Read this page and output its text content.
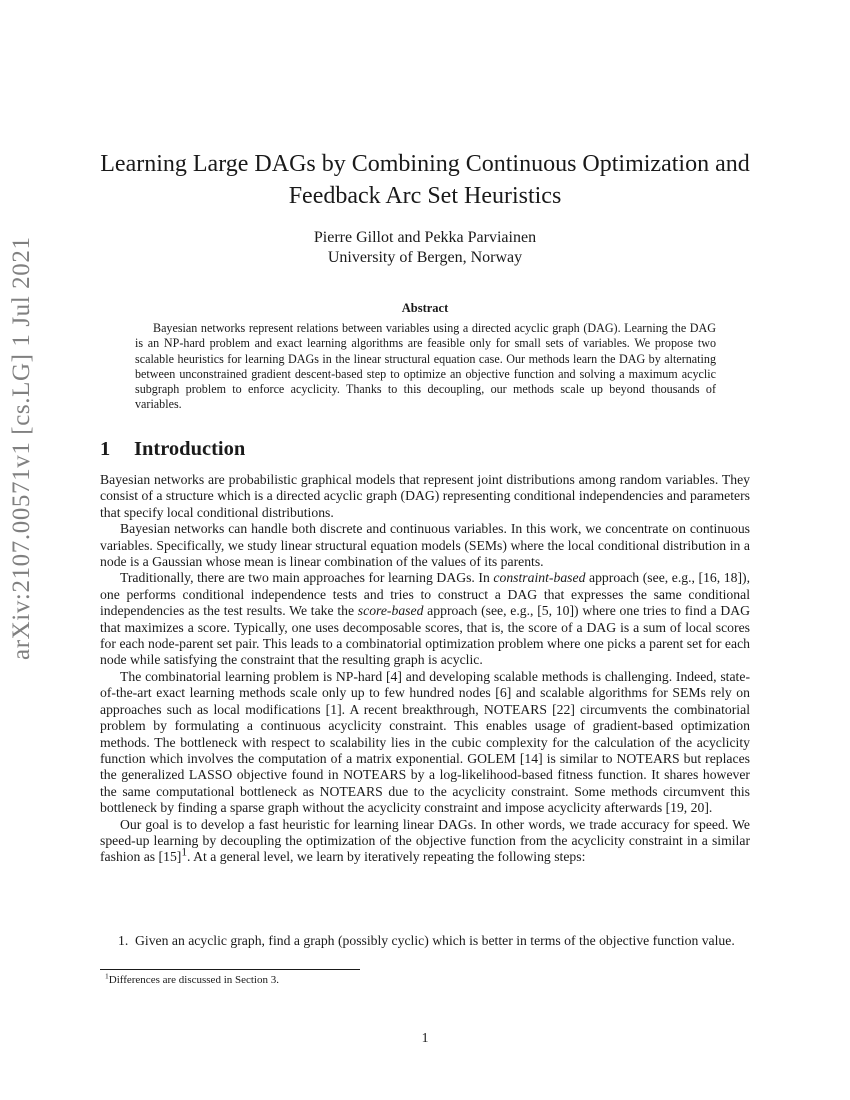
arXiv:2107.00571v1 [cs.LG] 1 Jul 2021
Learning Large DAGs by Combining Continuous Optimization and
Feedback Arc Set Heuristics
Pierre Gillot and Pekka Parviainen
University of Bergen, Norway
Abstract

Bayesian networks represent relations between variables using a directed acyclic graph (DAG). Learning the DAG is an NP-hard problem and exact learning algorithms are feasible only for small sets of variables. We propose two scalable heuristics for learning DAGs in the linear structural equation case. Our methods learn the DAG by alternating between unconstrained gradient descent-based step to optimize an objective function and solving a maximum acyclic subgraph problem to enforce acyclicity. Thanks to this decoupling, our methods scale up beyond thousands of variables.

1 Introduction

Bayesian networks are probabilistic graphical models that represent joint distributions among random variables. They consist of a structure which is a directed acyclic graph (DAG) representing conditional independencies and parameters that specify local conditional distributions.

Bayesian networks can handle both discrete and continuous variables. In this work, we concentrate on continuous variables. Specifically, we study linear structural equation models (SEMs) where the local conditional distribution in a node is a Gaussian whose mean is linear combination of the values of its parents.

Traditionally, there are two main approaches for learning DAGs. In constraint-based approach (see, e.g., [16, 18]), one performs conditional independence tests and tries to construct a DAG that expresses the same conditional independencies as the test results. We take the score-based approach (see, e.g., [5, 10]) where one tries to find a DAG that maximizes a score. Typically, one uses decomposable scores, that is, the score of a DAG is a sum of local scores for each node-parent set pair. This leads to a combinatorial optimization problem where one picks a parent set for each node while satisfying the constraint that the resulting graph is acyclic.

The combinatorial learning problem is NP-hard [4] and developing scalable methods is challenging. Indeed, state-of-the-art exact learning methods scale only up to few hundred nodes [6] and scalable algorithms for SEMs rely on approaches such as local modifications [1]. A recent breakthrough, NOTEARS [22] circumvents the combinatorial problem by formulating a continuous acyclicity constraint. This enables usage of gradient-based optimization methods. The bottleneck with respect to scalability lies in the cubic complexity for the calculation of the acyclicity function which involves the computation of a matrix exponential. GOLEM [14] is similar to NOTEARS but replaces the generalized LASSO objective found in NOTEARS by a log-likelihood-based fitness function. It shares however the same computational bottleneck as NOTEARS due to the acyclicity constraint. Some methods circumvent this bottleneck by finding a sparse graph without the acyclicity constraint and impose acyclicity afterwards [19, 20].

Our goal is to develop a fast heuristic for learning linear DAGs. In other words, we trade accuracy for speed. We speed-up learning by decoupling the optimization of the objective function from the acyclicity constraint in a similar fashion as $[15]^1$. At a general level, we learn by iteratively repeating the following steps:

1. Given an acyclic graph, find a graph (possibly cyclic) which is better in terms of the objective function value.
$^1$Differences are discussed in Section 3.
1
